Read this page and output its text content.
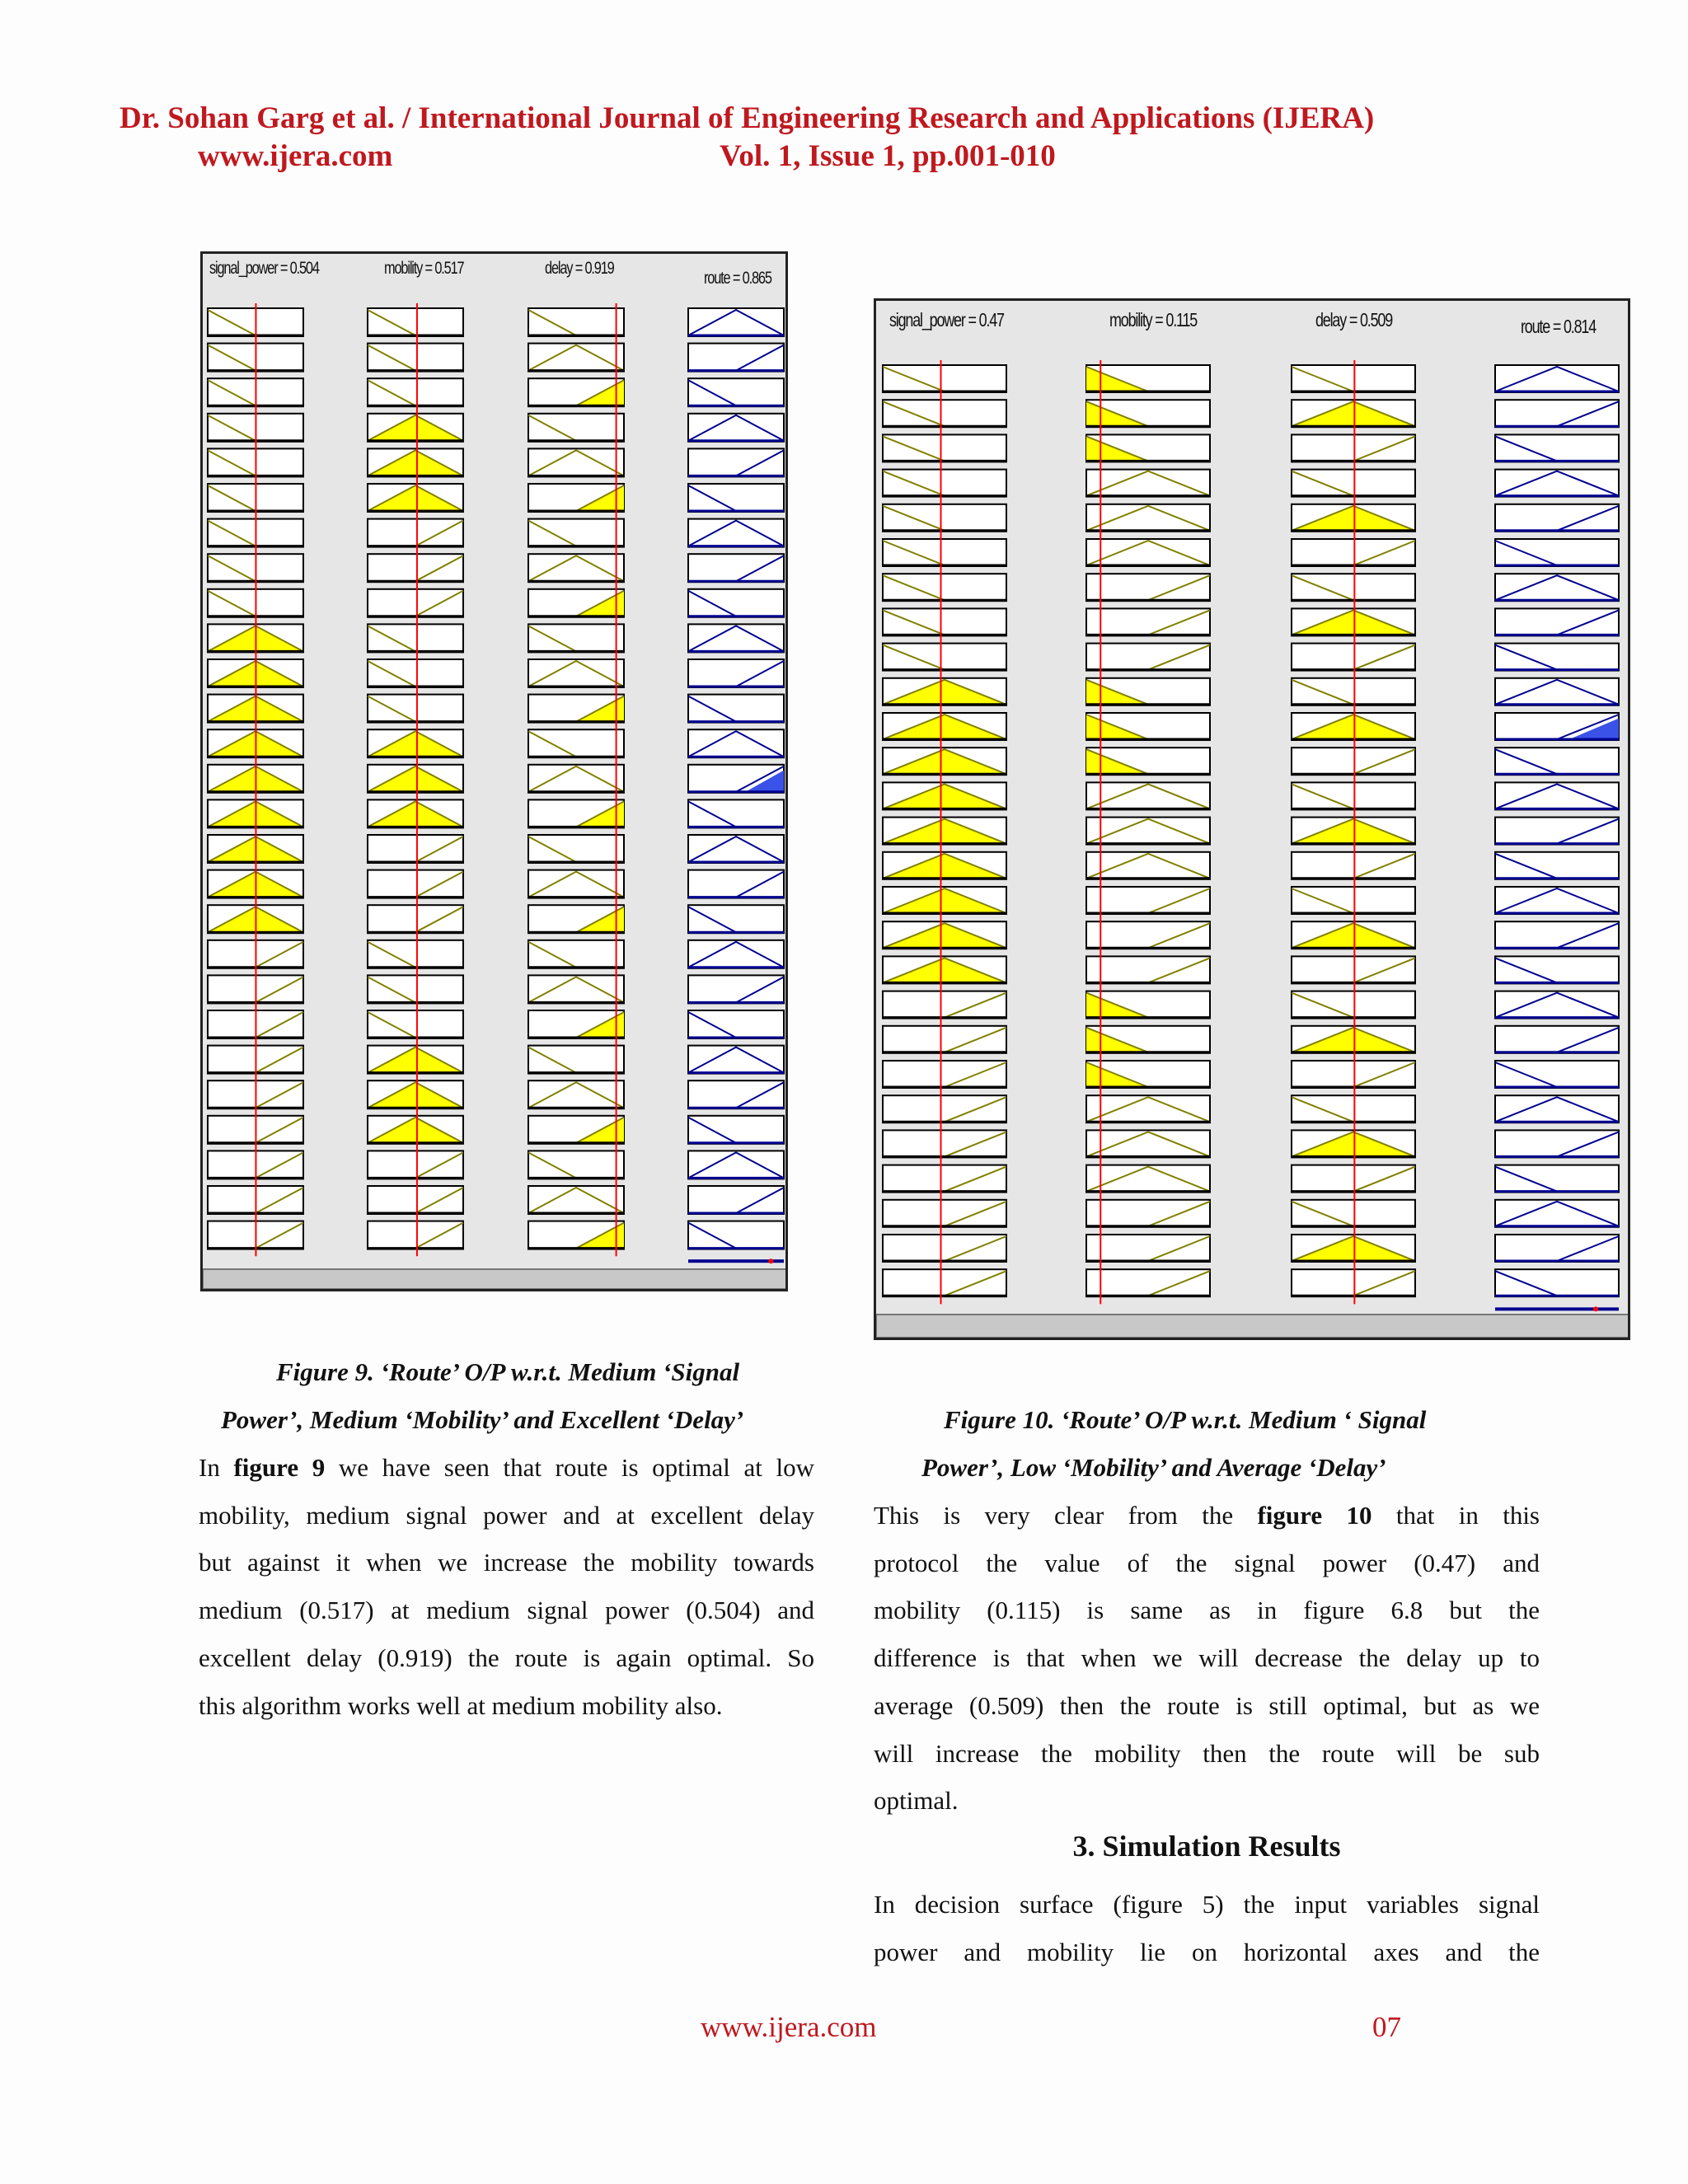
Dr. Sohan Garg et al. / International Journal of Engineering Research and Applications (IJERA)
www.ijera.com	Vol. 1, Issue 1, pp.001-010
signal_power = 0.504	mobility = 0.517	delay = 0.919
route = 0.865
signal_power = 0.47	mobility = 0.115	delay = 0.509	route = 0.814
Figure 9. ‘Route’ O/P w.r.t. Medium ‘Signal
Power’, Medium ‘Mobility’ and Excellent ‘Delay’	Figure 10. ‘Route’ O/P w.r.t. Medium ‘ Signal
Power’, Low ‘Mobility’ and Average ‘Delay’
In figure 9 we have seen that route is optimal at low
mobility, medium signal power and at excellent delay
but against it when we increase the mobility towards
medium (0.517) at medium signal power (0.504) and
excellent delay (0.919) the route is again optimal. So
this algorithm works well at medium mobility also.
This is very clear from the figure 10 that in this
protocol the value of the signal power (0.47) and
mobility (0.115) is same as in figure 6.8 but the
difference is that when we will decrease the delay up to
average (0.509) then the route is still optimal, but as we
will increase the mobility then the route will be sub
optimal.
3. Simulation Results
In decision surface (figure 5) the input variables signal
power and mobility lie on horizontal axes and the
www.ijera.com	07
